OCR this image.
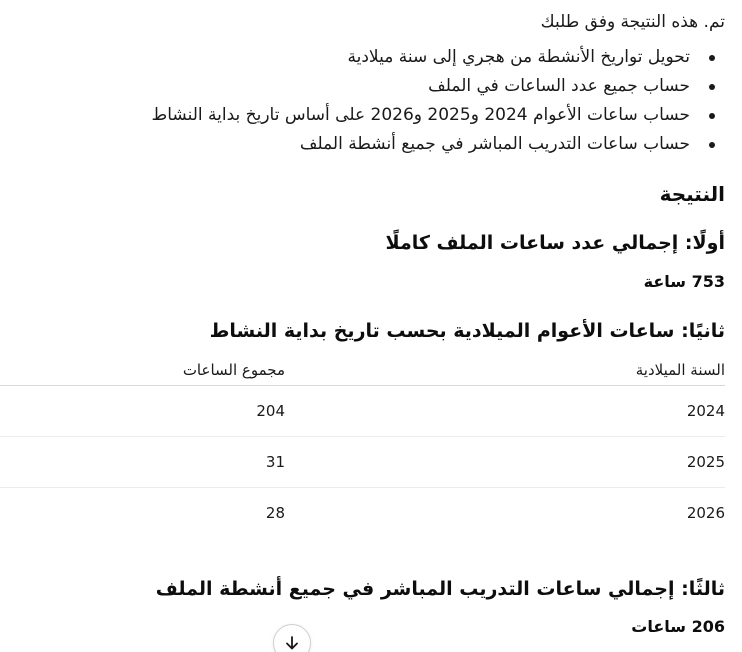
تم. هذه النتيجة وفق طلبك

تحويل تواريخ الأنشطة من هجري إلى سنة ميلادية
حساب جميع عدد الساعات في الملف
حساب ساعات الأعوام 2024 و2025 و2026 على أساس تاريخ بداية النشاط
حساب ساعات التدريب المباشر في جميع أنشطة الملف
النتيجة
أولًا: إجمالي عدد ساعات الملف كاملًا

753 ساعة

ثانيًا: ساعات الأعوام الميلادية بحسب تاريخ بداية النشاط
السنة الميلادية	مجموع الساعات
2024	204
2025	31
2026	28
ثالثًا: إجمالي ساعات التدريب المباشر في جميع أنشطة الملف

206 ساعات
